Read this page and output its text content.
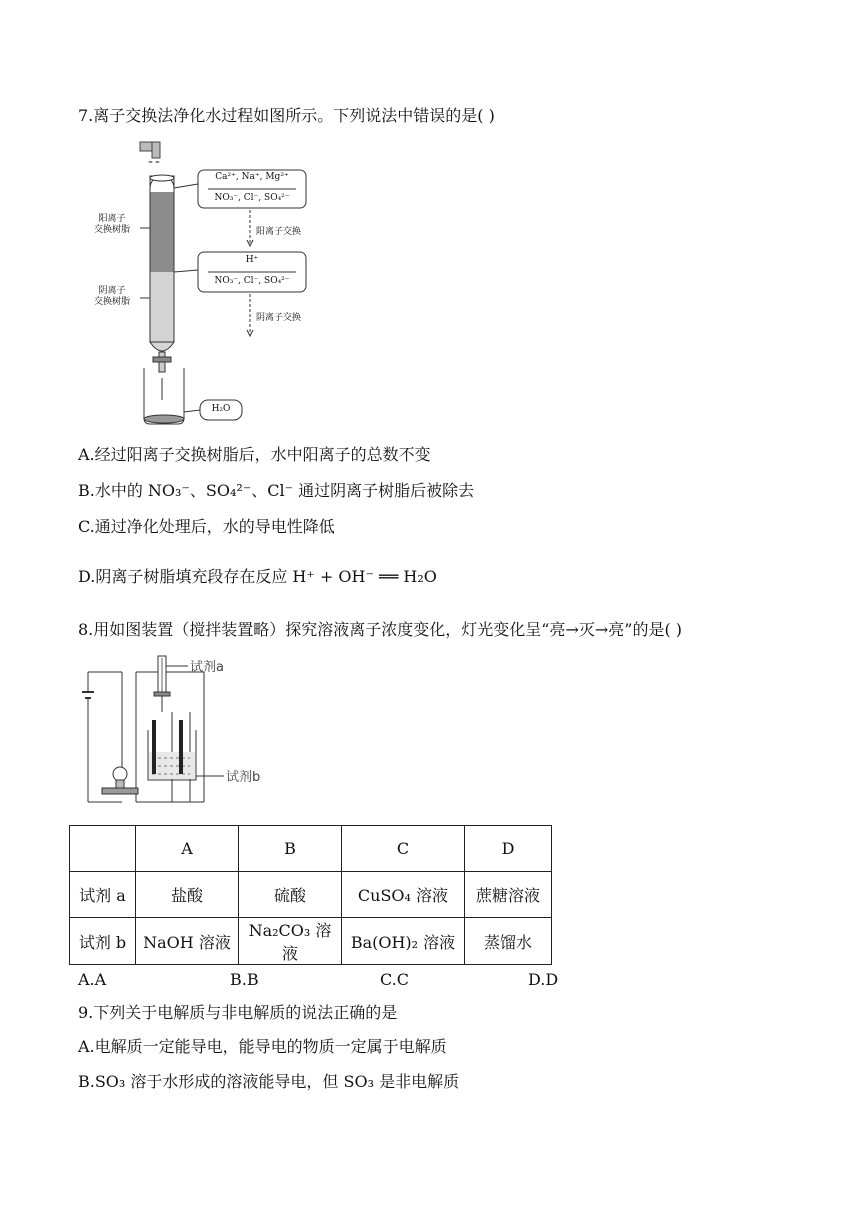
7.离子交换法净化水过程如图所示。下列说法中错误的是( )
≈ ≈
阳离子
交换树脂
阴离子
交换树脂
Ca²⁺, Na⁺, Mg²⁺
NO₃⁻, Cl⁻, SO₄²⁻
阳离子交换
H⁺
NO₃⁻, Cl⁻, SO₄²⁻
阴离子交换
H₂O
A.经过阳离子交换树脂后，水中阳离子的总数不变
B.水中的 NO₃⁻、SO₄²⁻、Cl⁻ 通过阴离子树脂后被除去
C.通过净化处理后，水的导电性降低
D.阴离子树脂填充段存在反应 H⁺ + OH⁻ ══ H₂O
8.用如图装置（搅拌装置略）探究溶液离子浓度变化，灯光变化呈“亮→灭→亮”的是( )
试剂a
试剂b
	A	B	C	D
试剂 a	盐酸	硫酸	CuSO₄ 溶液	蔗糖溶液
试剂 b	NaOH 溶液	Na₂CO₃ 溶液	Ba(OH)₂ 溶液	蒸馏水
A.A	B.B	C.C	D.D
9.下列关于电解质与非电解质的说法正确的是
A.电解质一定能导电，能导电的物质一定属于电解质
B.SO₃ 溶于水形成的溶液能导电，但 SO₃ 是非电解质
